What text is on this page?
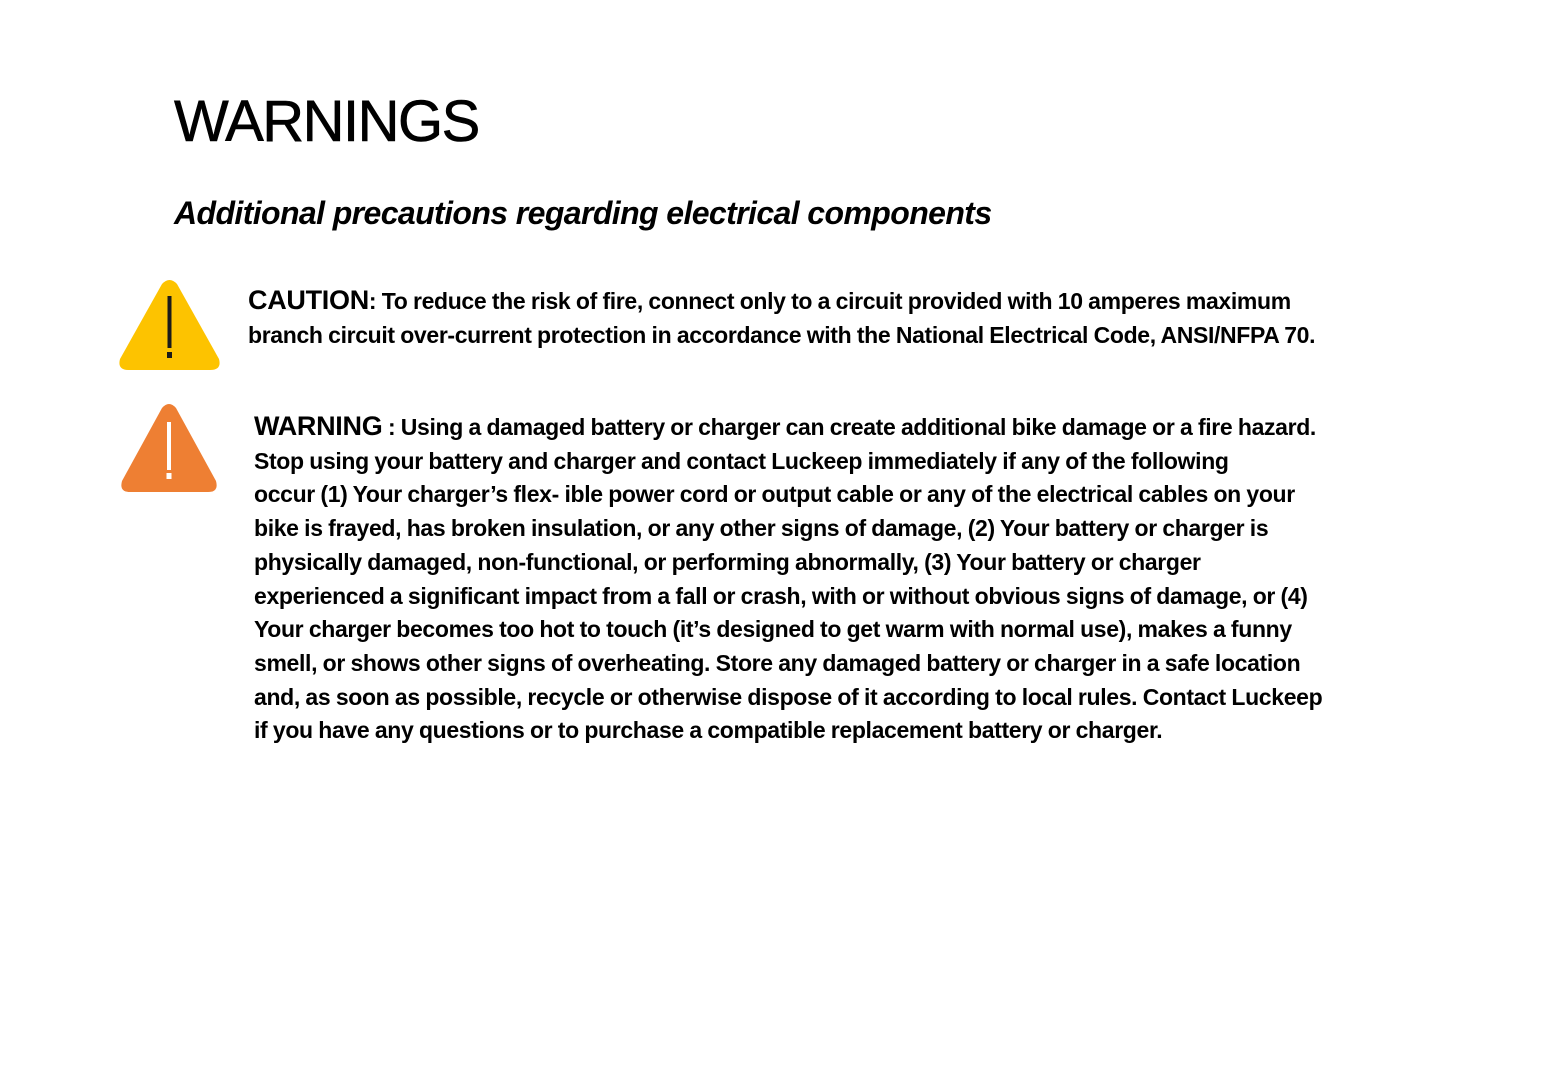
WARNINGS
Additional precautions regarding electrical components

CAUTION: To reduce the risk of fire, connect only to a circuit provided with 10 amperes maximum
branch circuit over-current protection in accordance with the National Electrical Code, ANSI/NFPA 70.

WARNING : Using a damaged battery or charger can create additional bike damage or a fire hazard.
Stop using your battery and charger and contact Luckeep immediately if any of the following
occur (1) Your charger’s flex- ible power cord or output cable or any of the electrical cables on your
bike is frayed, has broken insulation, or any other signs of damage, (2) Your battery or charger is
physically damaged, non-functional, or performing abnormally, (3) Your battery or charger
experienced a significant impact from a fall or crash, with or without obvious signs of damage, or (4)
Your charger becomes too hot to touch (it’s designed to get warm with normal use), makes a funny
smell, or shows other signs of overheating. Store any damaged battery or charger in a safe location
and, as soon as possible, recycle or otherwise dispose of it according to local rules. Contact Luckeep
if you have any questions or to purchase a compatible replacement battery or charger.
